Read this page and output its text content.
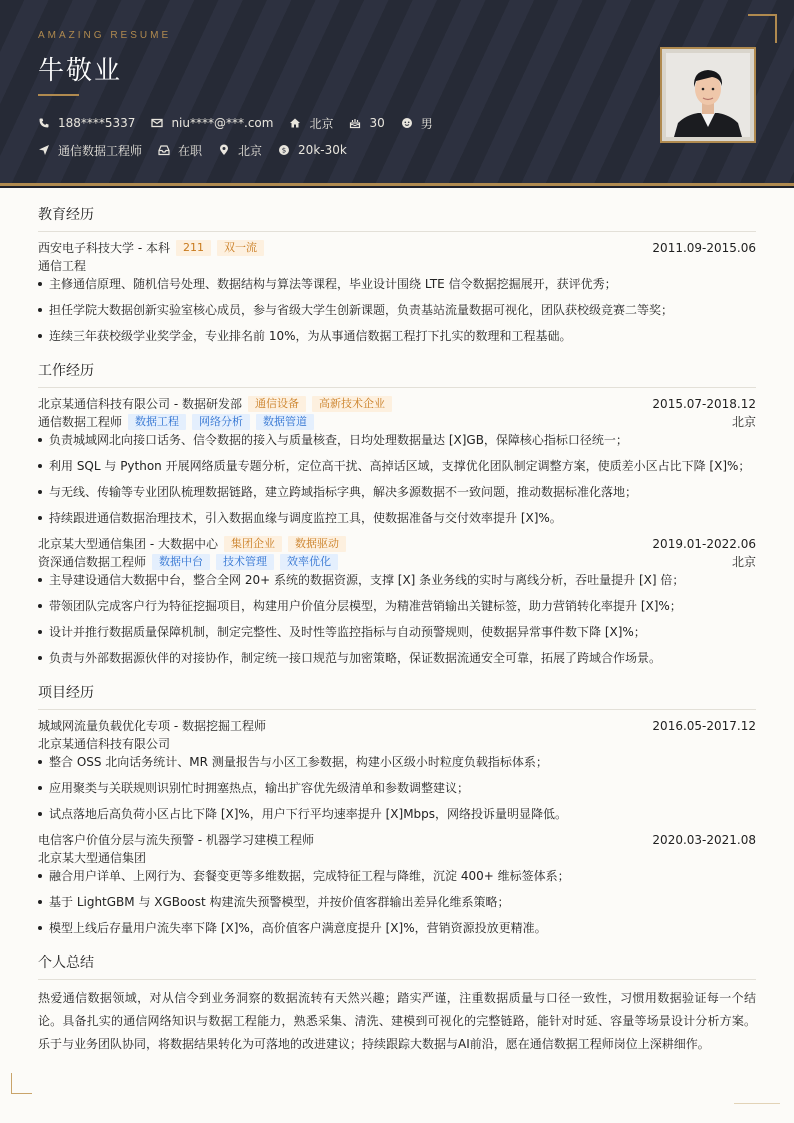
AMAZING RESUME
牛敬业
188****5337	niu****@***.com	北京	30	男
通信数据工程师	在职	北京	$ 20k-30k
教育经历
西安电子科技大学 - 本科	211	双一流	2011.09-2015.06
通信工程
主修通信原理、随机信号处理、数据结构与算法等课程，毕业设计围绕 LTE 信令数据挖掘展开，获评优秀；
担任学院大数据创新实验室核心成员，参与省级大学生创新课题，负责基站流量数据可视化，团队获校级竞赛二等奖；
连续三年获校级学业奖学金，专业排名前 10%，为从事通信数据工程打下扎实的数理和工程基础。
工作经历
北京某通信科技有限公司 - 数据研发部	通信设备	高新技术企业	2015.07-2018.12
通信数据工程师	数据工程	网络分析	数据管道	北京
负责城域网北向接口话务、信令数据的接入与质量核查，日均处理数据量达 [X]GB，保障核心指标口径统一；
利用 SQL 与 Python 开展网络质量专题分析，定位高干扰、高掉话区域，支撑优化团队制定调整方案，使质差小区占比下降 [X]%；
与无线、传输等专业团队梳理数据链路，建立跨域指标字典，解决多源数据不一致问题，推动数据标准化落地；
持续跟进通信数据治理技术，引入数据血缘与调度监控工具，使数据准备与交付效率提升 [X]%。
北京某大型通信集团 - 大数据中心	集团企业	数据驱动	2019.01-2022.06
资深通信数据工程师	数据中台	技术管理	效率优化	北京
主导建设通信大数据中台，整合全网 20+ 系统的数据资源，支撑 [X] 条业务线的实时与离线分析，吞吐量提升 [X] 倍；
带领团队完成客户行为特征挖掘项目，构建用户价值分层模型，为精准营销输出关键标签，助力营销转化率提升 [X]%；
设计并推行数据质量保障机制，制定完整性、及时性等监控指标与自动预警规则，使数据异常事件数下降 [X]%；
负责与外部数据源伙伴的对接协作，制定统一接口规范与加密策略，保证数据流通安全可靠，拓展了跨域合作场景。
项目经历
城域网流量负载优化专项 - 数据挖掘工程师	2016.05-2017.12
北京某通信科技有限公司
整合 OSS 北向话务统计、MR 测量报告与小区工参数据，构建小区级小时粒度负载指标体系；
应用聚类与关联规则识别忙时拥塞热点，输出扩容优先级清单和参数调整建议；
试点落地后高负荷小区占比下降 [X]%，用户下行平均速率提升 [X]Mbps，网络投诉量明显降低。
电信客户价值分层与流失预警 - 机器学习建模工程师	2020.03-2021.08
北京某大型通信集团
融合用户详单、上网行为、套餐变更等多维数据，完成特征工程与降维，沉淀 400+ 维标签体系；
基于 LightGBM 与 XGBoost 构建流失预警模型，并按价值客群输出差异化维系策略；
模型上线后存量用户流失率下降 [X]%，高价值客户满意度提升 [X]%，营销资源投放更精准。
个人总结
热爱通信数据领域，对从信令到业务洞察的数据流转有天然兴趣；踏实严谨，注重数据质量与口径一致性，习惯用数据验证每一个结论。具备扎实的通信网络知识与数据工程能力，熟悉采集、清洗、建模到可视化的完整链路，能针对时延、容量等场景设计分析方案。乐于与业务团队协同，将数据结果转化为可落地的改进建议；持续跟踪大数据与AI前沿，愿在通信数据工程师岗位上深耕细作。
